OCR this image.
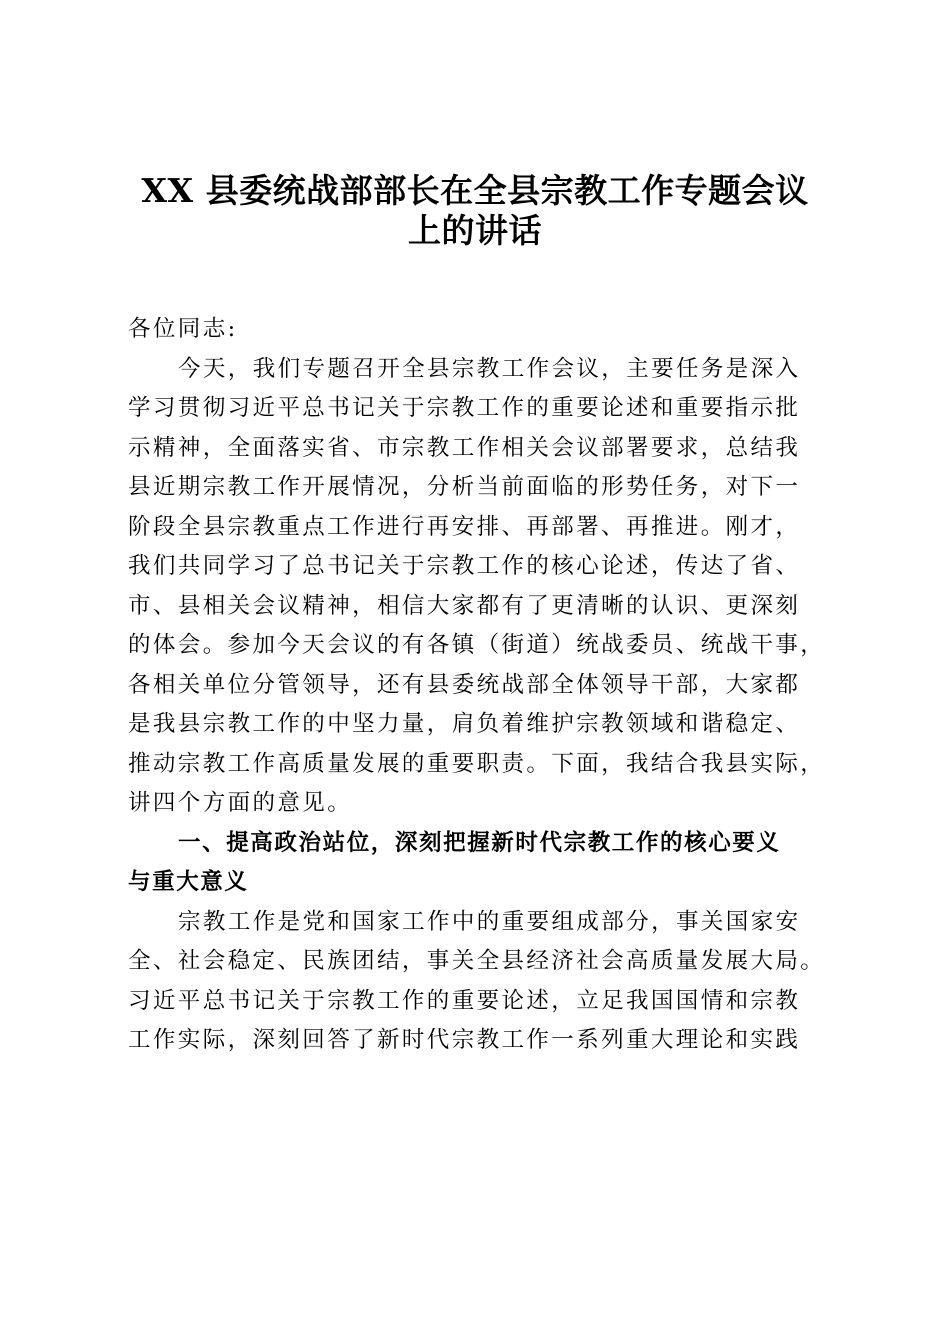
XX 县委统战部部长在全县宗教工作专题会议
上的讲话
各位同志:
今天，我们专题召开全县宗教工作会议，主要任务是深入
学习贯彻习近平总书记关于宗教工作的重要论述和重要指示批
示精神，全面落实省、市宗教工作相关会议部署要求，总结我
县近期宗教工作开展情况，分析当前面临的形势任务，对下一
阶段全县宗教重点工作进行再安排、再部署、再推进。刚才，
我们共同学习了总书记关于宗教工作的核心论述，传达了省、
市、县相关会议精神，相信大家都有了更清晰的认识、更深刻
的体会。参加今天会议的有各镇（街道）统战委员、统战干事，
各相关单位分管领导，还有县委统战部全体领导干部，大家都
是我县宗教工作的中坚力量，肩负着维护宗教领域和谐稳定、
推动宗教工作高质量发展的重要职责。下面，我结合我县实际，
讲四个方面的意见。
一、提高政治站位，深刻把握新时代宗教工作的核心要义
与重大意义
宗教工作是党和国家工作中的重要组成部分，事关国家安
全、社会稳定、民族团结，事关全县经济社会高质量发展大局。
习近平总书记关于宗教工作的重要论述，立足我国国情和宗教
工作实际，深刻回答了新时代宗教工作一系列重大理论和实践
